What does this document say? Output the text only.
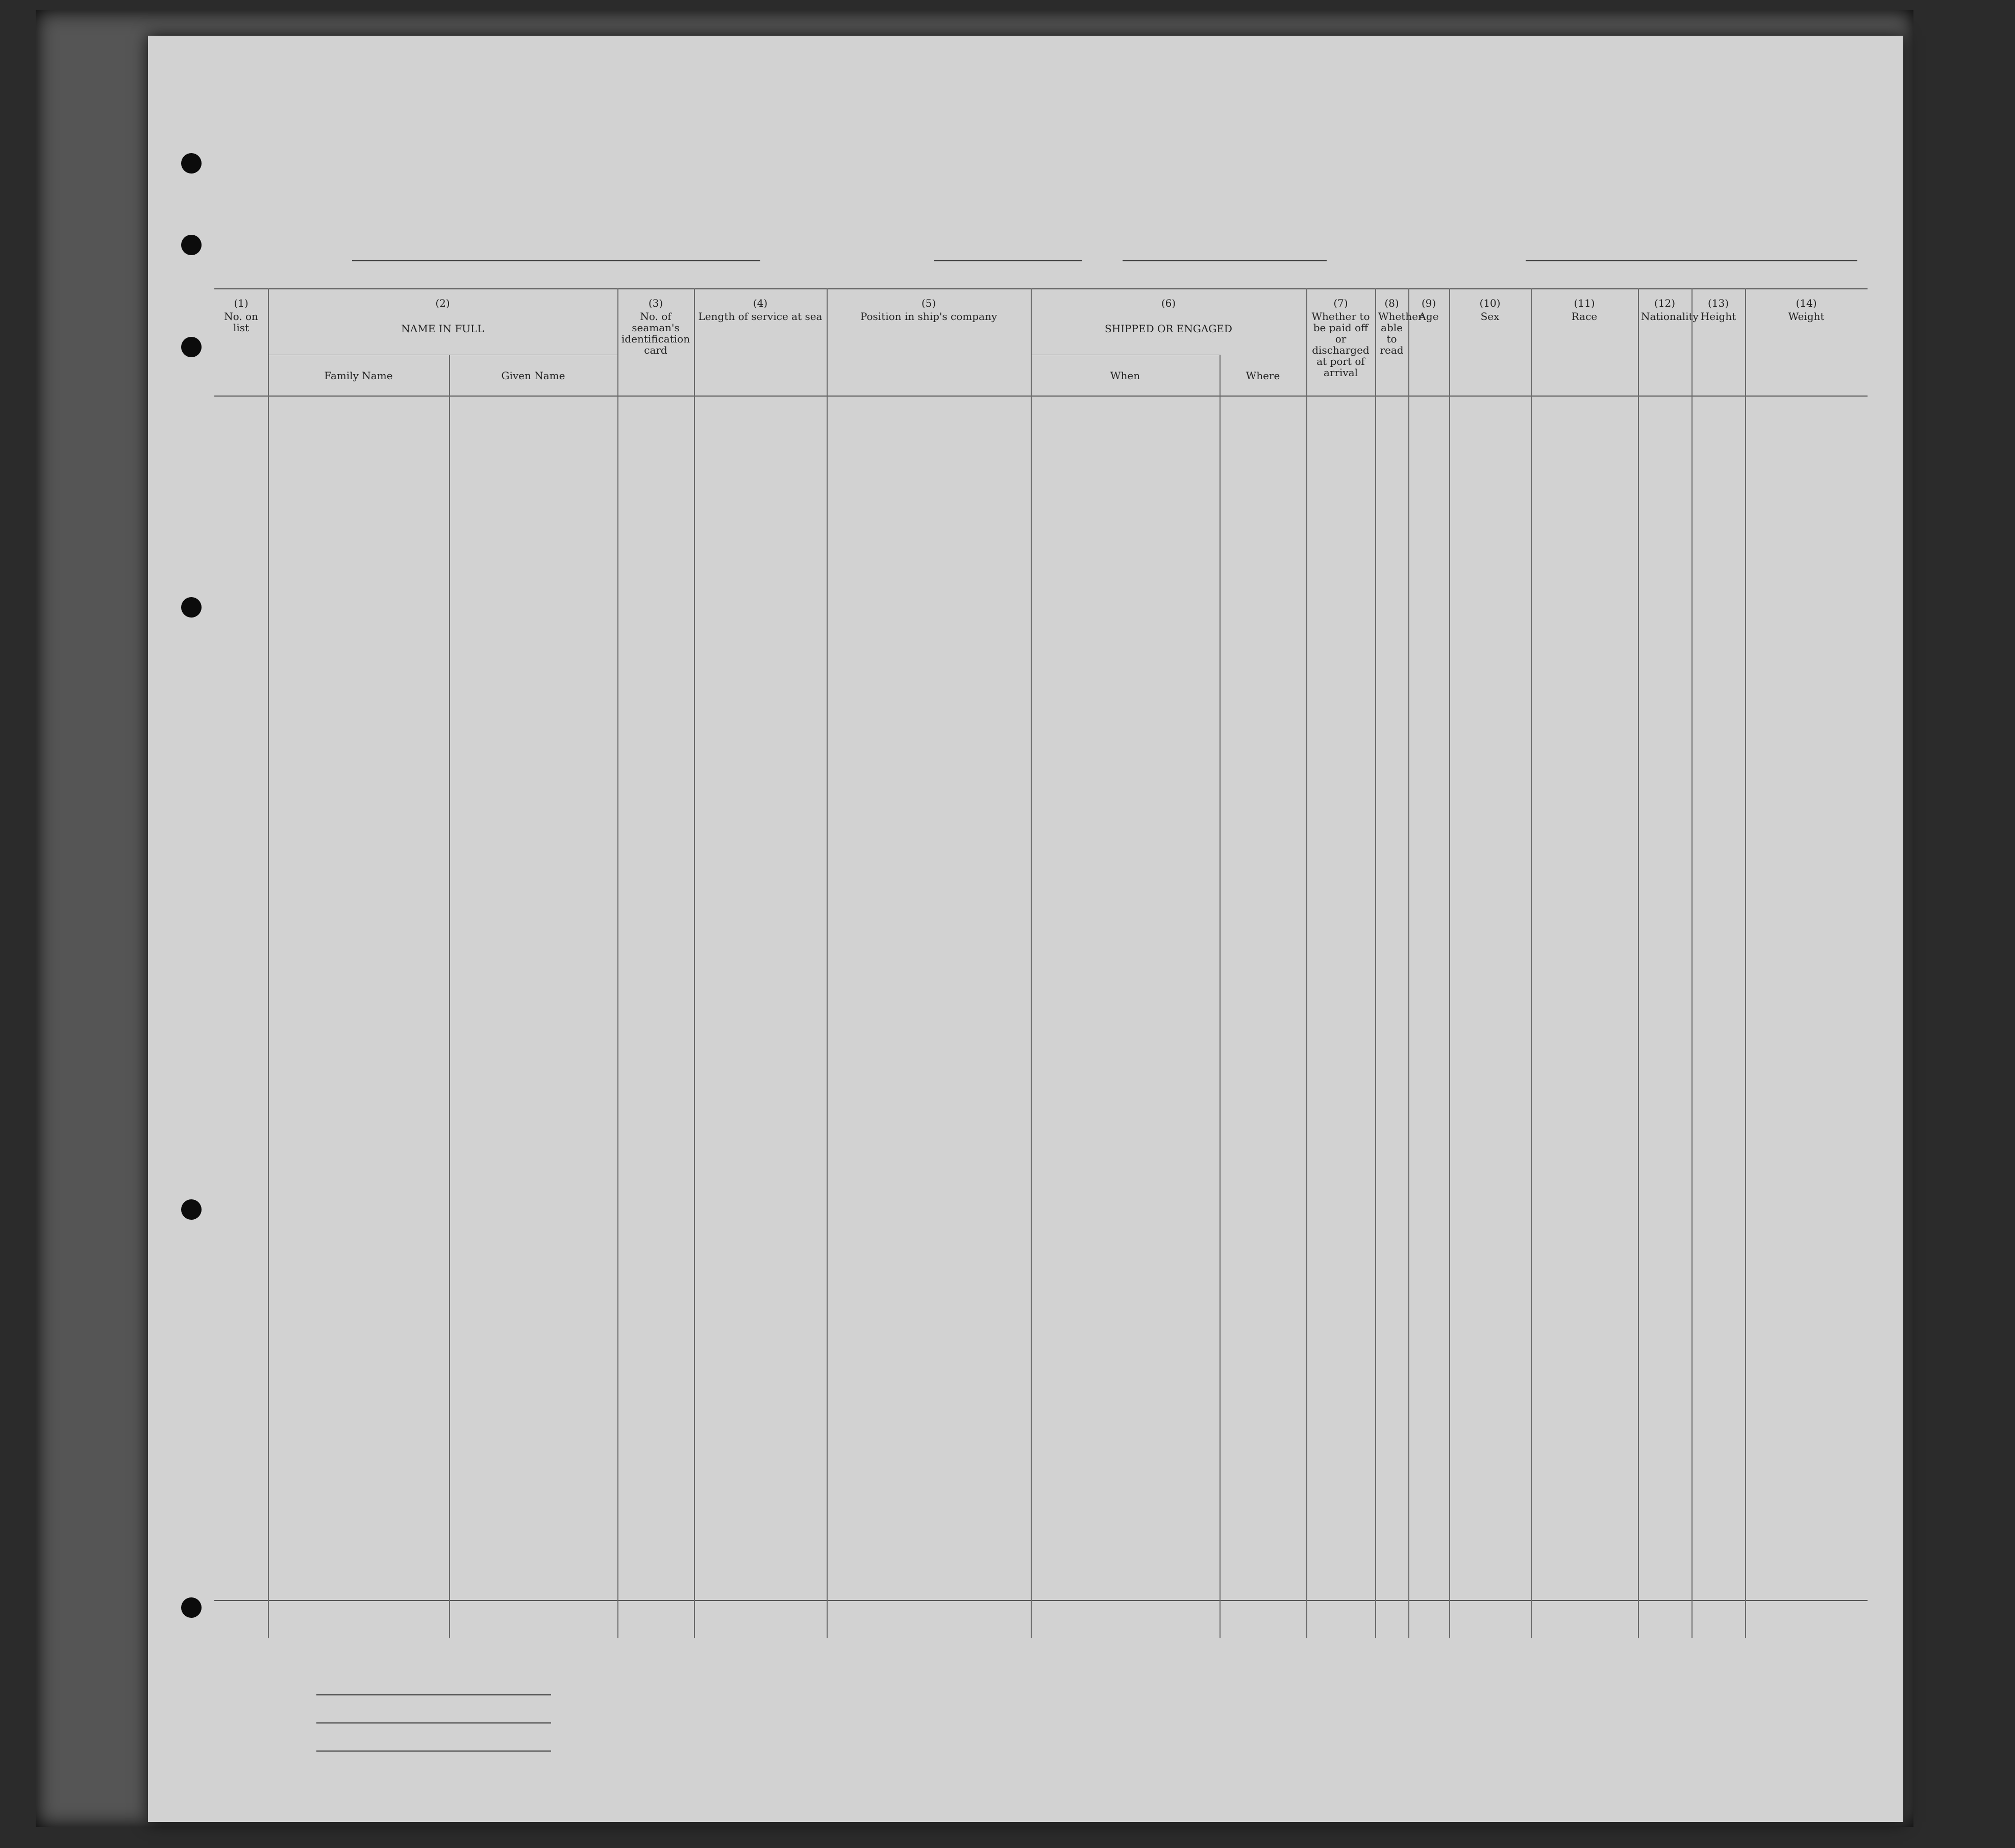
(1)
No. on list
(2)
NAME IN FULL
Family Name	Given Name
(3)
No. of seaman's identification card
(4)
Length of service at sea
(5)
Position in ship's company
(6)
SHIPPED OR ENGAGED
When	Where
(7)
Whether to be paid off or discharged at port of arrival
(8)
Whether able to read
(9)
Age
(10)
Sex
(11)
Race
(12)
Nationality
(13)
Height
(14)
Weight
